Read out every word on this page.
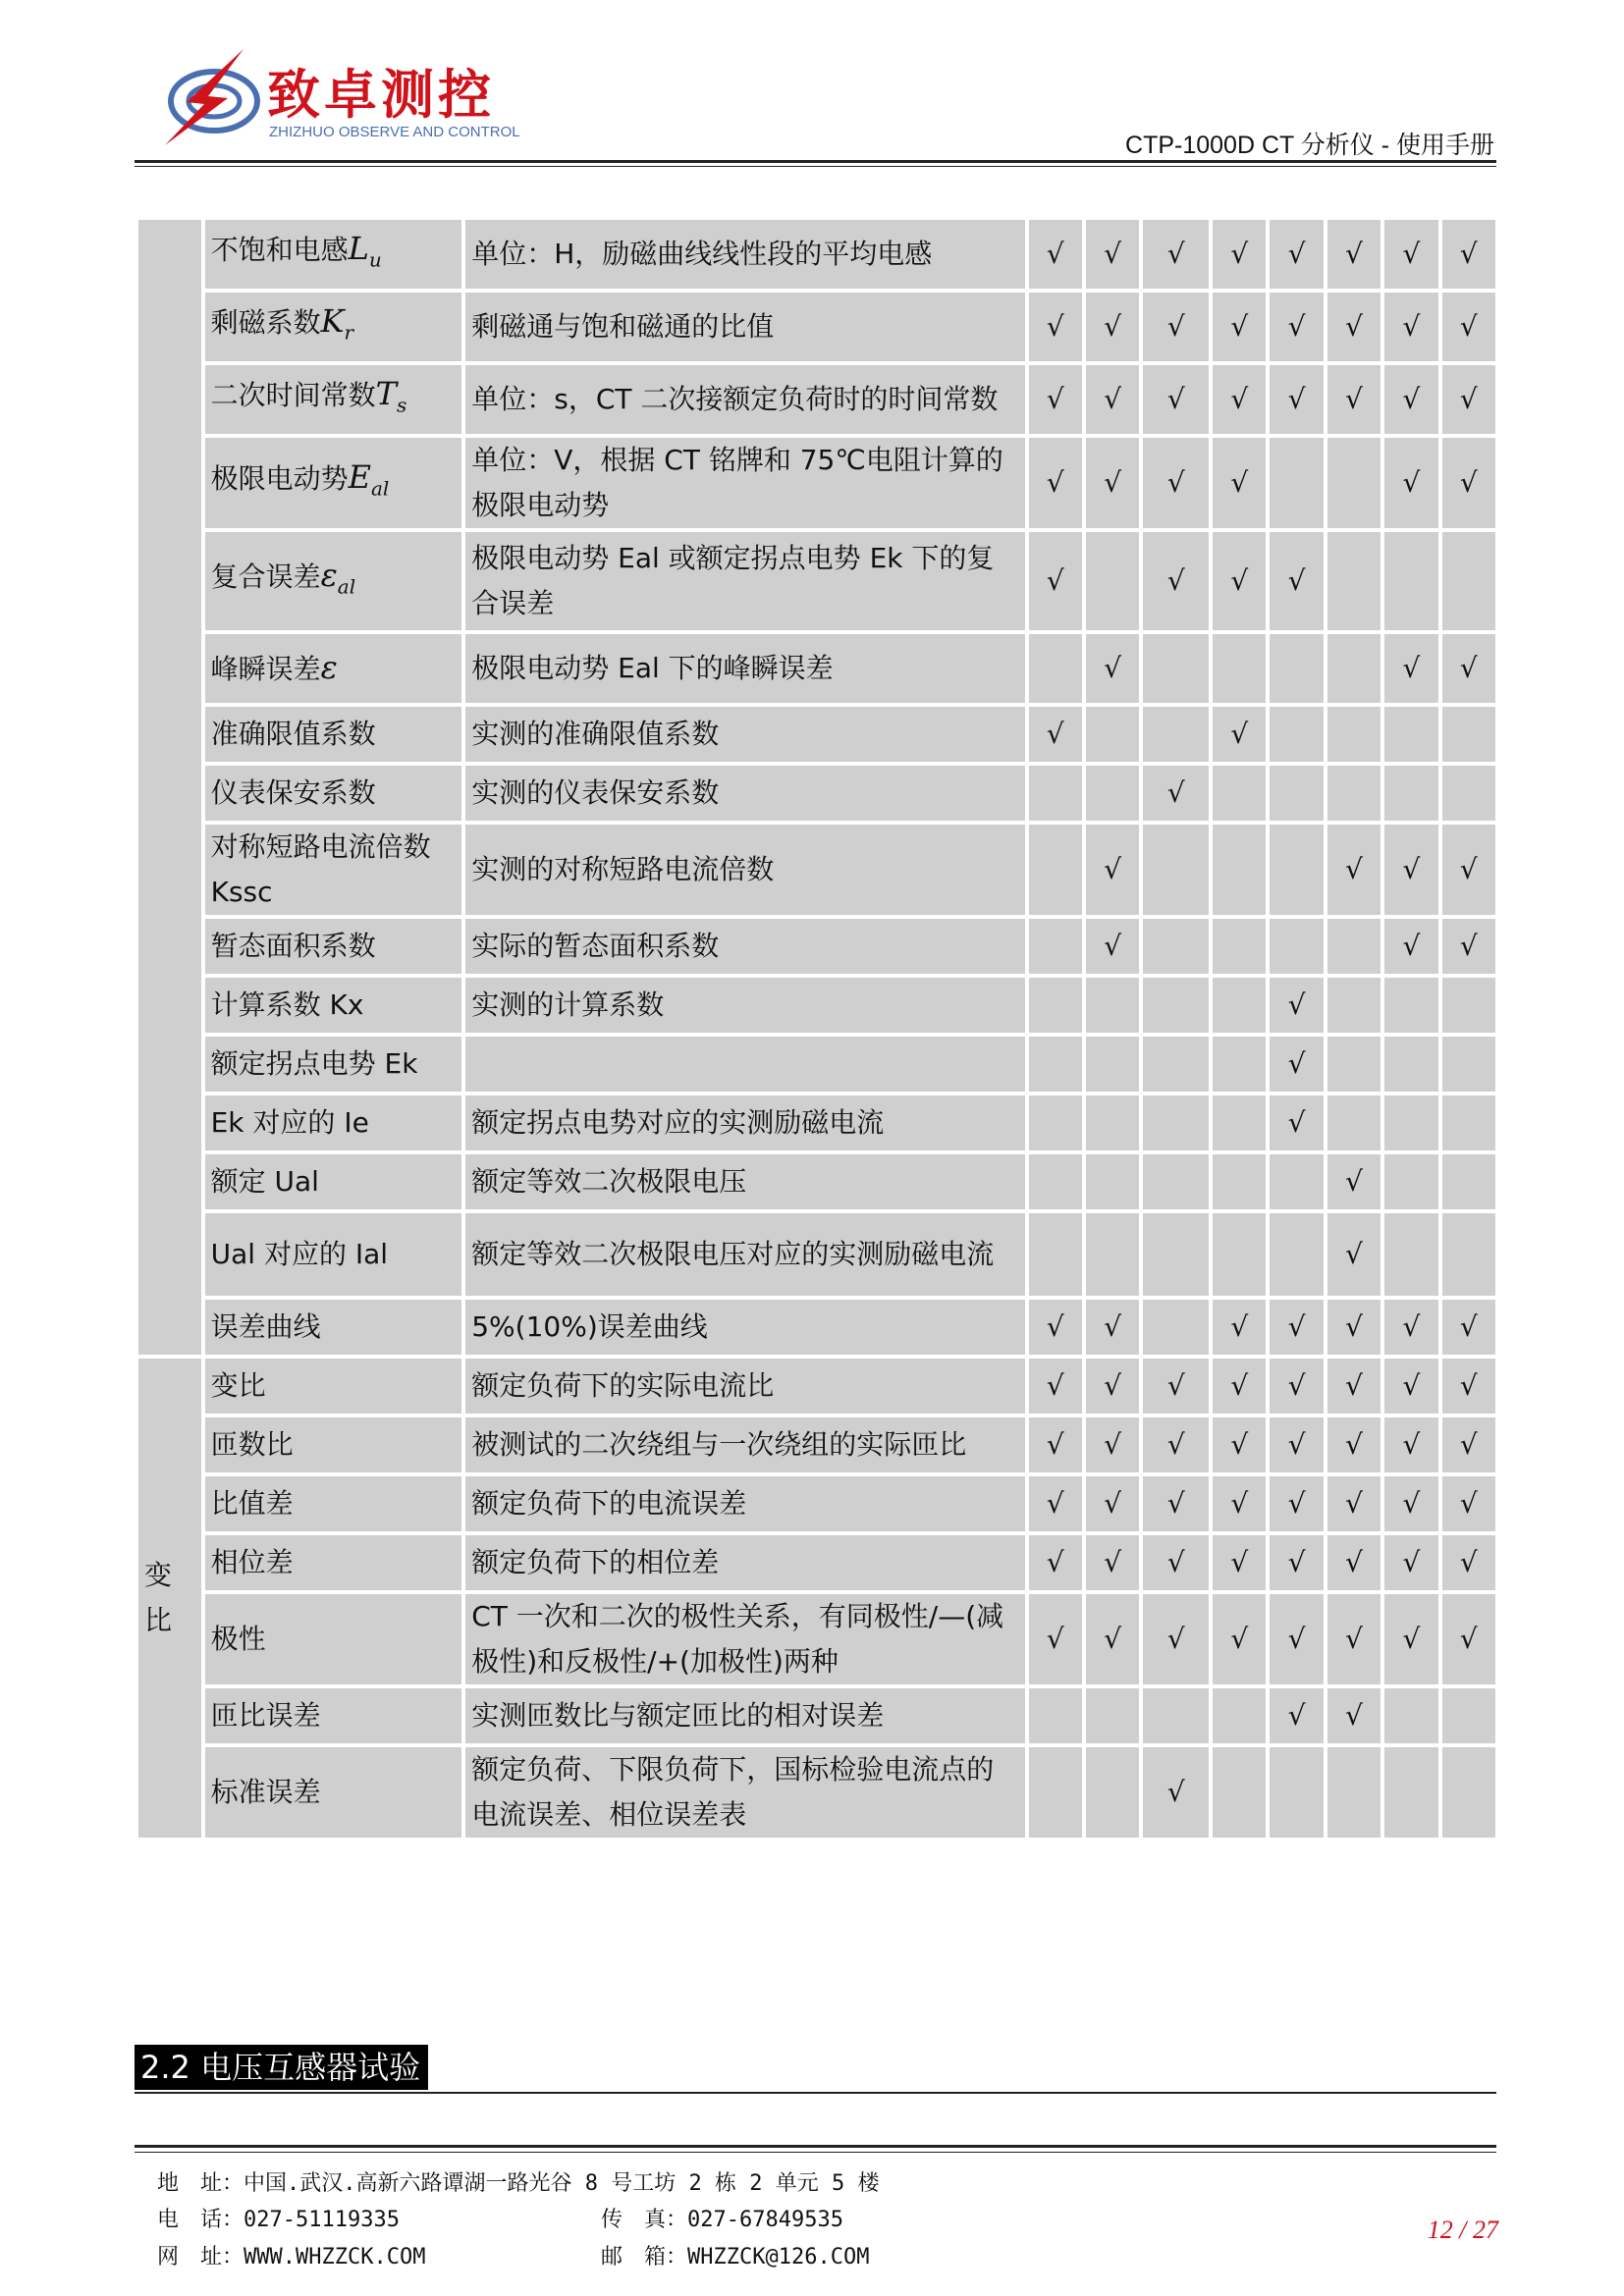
致卓测控
ZHIZHUO OBSERVE AND CONTROL	CTP-1000D CT 分析仪 - 使用手册
	不饱和电感$L_u$	单位：H，励磁曲线线性段的平均电感	√	√	√	√	√	√	√	√
	剩磁系数$K_r$	剩磁通与饱和磁通的比值	√	√	√	√	√	√	√	√
	二次时间常数$T_s$	单位：s，CT 二次接额定负荷时的时间常数	√	√	√	√	√	√	√	√
	极限电动势$E_{al}$	单位：V，根据 CT 铭牌和 75℃电阻计算的极限电动势	√	√	√	√			√	√
	复合误差$\varepsilon_{al}$	极限电动势 Eal 或额定拐点电势 Ek 下的复合误差	√		√	√	√			
	峰瞬误差ε	极限电动势 Eal 下的峰瞬误差		√					√	√
	准确限值系数	实测的准确限值系数	√			√				
	仪表保安系数	实测的仪表保安系数			√					
	对称短路电流倍数 Kssc	实测的对称短路电流倍数		√				√	√	√
	暂态面积系数	实际的暂态面积系数		√					√	√
	计算系数 Kx	实测的计算系数					√			
	额定拐点电势 Ek						√			
	Ek 对应的 Ie	额定拐点电势对应的实测励磁电流					√			
	额定 Ual	额定等效二次极限电压						√		
	Ual 对应的 Ial	额定等效二次极限电压对应的实测励磁电流						√		
	误差曲线	5%(10%)误差曲线	√	√		√	√	√	√	√
变比	变比	额定负荷下的实际电流比	√	√	√	√	√	√	√	√
	匝数比	被测试的二次绕组与一次绕组的实际匝比	√	√	√	√	√	√	√	√
	比值差	额定负荷下的电流误差	√	√	√	√	√	√	√	√
	相位差	额定负荷下的相位差	√	√	√	√	√	√	√	√
	极性	CT 一次和二次的极性关系，有同极性/—(减极性)和反极性/+(加极性)两种	√	√	√	√	√	√	√	√
	匝比误差	实测匝数比与额定匝比的相对误差					√	√		
	标准误差	额定负荷、下限负荷下，国标检验电流点的电流误差、相位误差表			√					
2.2 电压互感器试验
地　址：中国.武汉.高新六路谭湖一路光谷 8 号工坊 2 栋 2 单元 5 楼
电　话：027-51119335	传　真：027-67849535
网　址：WWW.WHZZCK.COM	邮　箱：WHZZCK@126.COM
12 / 27
